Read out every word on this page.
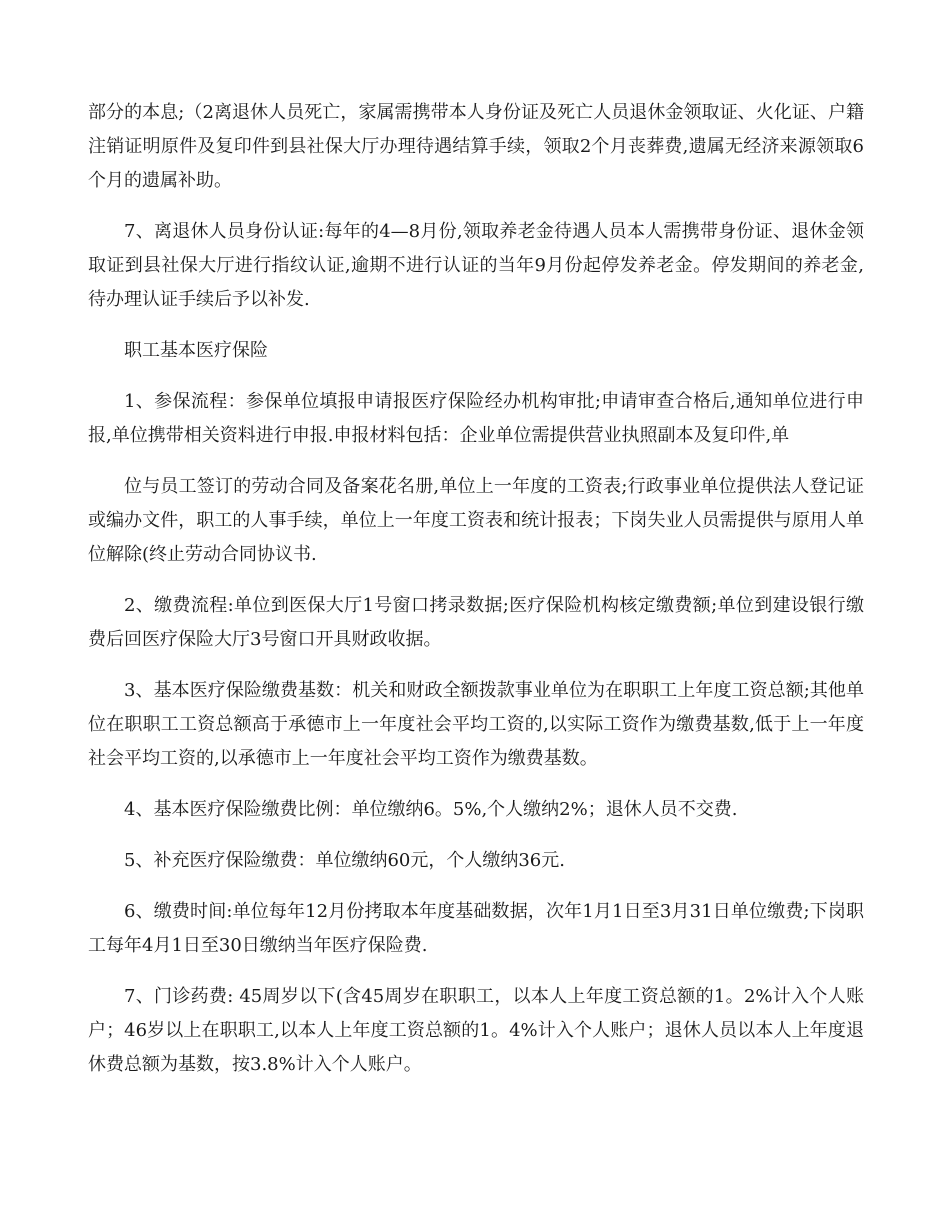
部分的本息;（2离退休人员死亡，家属需携带本人身份证及死亡人员退休金领取证、火化证、户籍注销证明原件及复印件到县社保大厅办理待遇结算手续，领取2个月丧葬费,遗属无经济来源领取6个月的遗属补助。

7、离退休人员身份认证:每年的4—8月份,领取养老金待遇人员本人需携带身份证、退休金领取证到县社保大厅进行指纹认证,逾期不进行认证的当年9月份起停发养老金。停发期间的养老金,待办理认证手续后予以补发.

职工基本医疗保险

1、参保流程：参保单位填报申请报医疗保险经办机构审批;申请审查合格后,通知单位进行申报,单位携带相关资料进行申报.申报材料包括：企业单位需提供营业执照副本及复印件,单

位与员工签订的劳动合同及备案花名册,单位上一年度的工资表;行政事业单位提供法人登记证或编办文件，职工的人事手续，单位上一年度工资表和统计报表；下岗失业人员需提供与原用人单位解除(终止劳动合同协议书.

2、缴费流程:单位到医保大厅1号窗口拷录数据;医疗保险机构核定缴费额;单位到建设银行缴费后回医疗保险大厅3号窗口开具财政收据。

3、基本医疗保险缴费基数：机关和财政全额拨款事业单位为在职职工上年度工资总额;其他单位在职职工工资总额高于承德市上一年度社会平均工资的,以实际工资作为缴费基数,低于上一年度社会平均工资的,以承德市上一年度社会平均工资作为缴费基数。

4、基本医疗保险缴费比例：单位缴纳6。5%,个人缴纳2%；退休人员不交费.

5、补充医疗保险缴费：单位缴纳60元，个人缴纳36元.

6、缴费时间:单位每年12月份拷取本年度基础数据，次年1月1日至3月31日单位缴费;下岗职工每年4月1日至30日缴纳当年医疗保险费.

7、门诊药费: 45周岁以下(含45周岁在职职工，以本人上年度工资总额的1。2%计入个人账户；46岁以上在职职工,以本人上年度工资总额的1。4%计入个人账户；退休人员以本人上年度退休费总额为基数，按3.8%计入个人账户。
